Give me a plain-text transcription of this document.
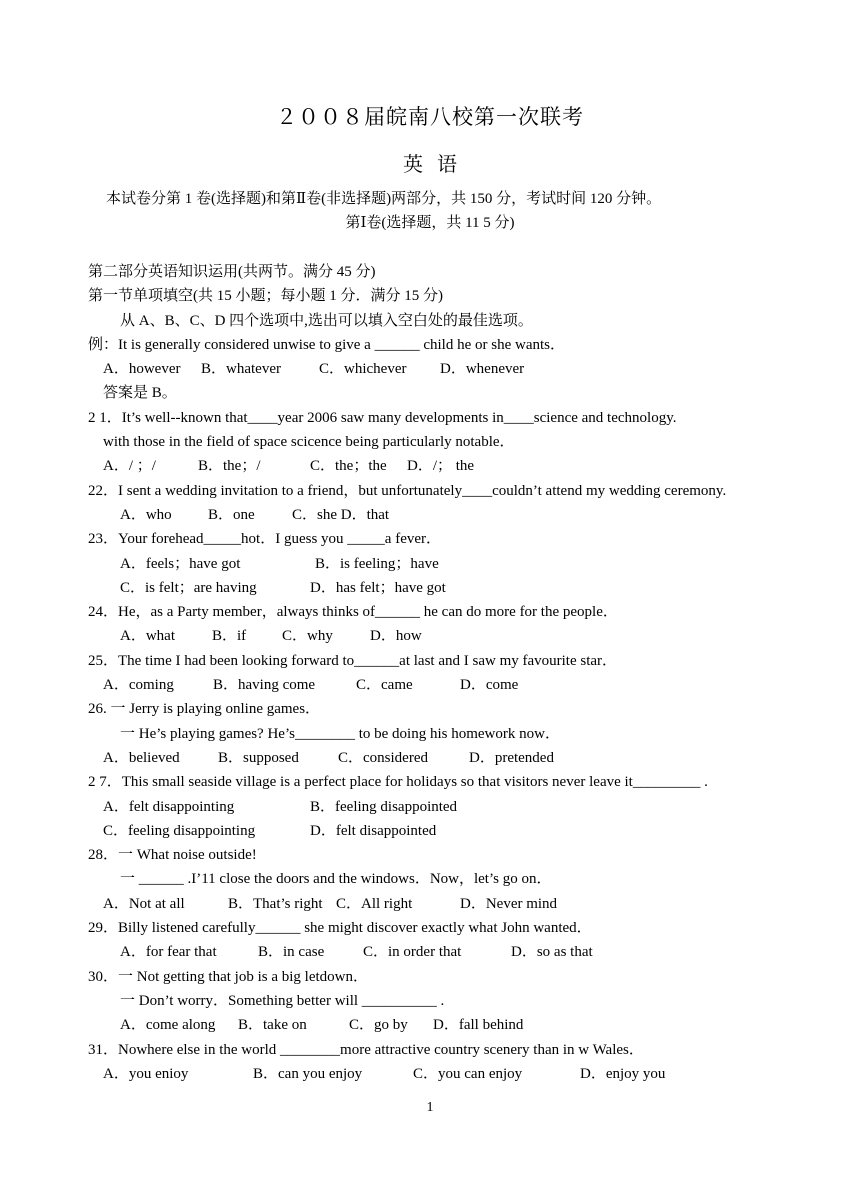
２００８届皖南八校第一次联考
英语
本试卷分第 1 卷(选择题)和第Ⅱ卷(非选择题)两部分，共 150 分，考试时间 120 分钟。
第Ⅰ卷(选择题，共 11 5 分)
第二部分英语知识运用(共两节。满分 45 分)
第一节单项填空(共 15 小题；每小题 1 分．满分 15 分)
从 A、B、C、D 四个选项中,选出可以填入空白处的最佳选项。
例：It is generally considered unwise to give a ______ child he or she wants．
A．however B．whatever	C．whichever D．whenever
答案是 B。
2 1．It’s well--known that____year 2006 saw many developments in____science and technology.
with those in the field of space scicence being particularly notable．
A．/ ；/	B．the；/	C．the；the D．/； the
22．I sent a wedding invitation to a friend，but unfortunately____couldn’t attend my wedding ceremony.
A．who B．one C．she D．that
23．Your forehead_____hot．I guess you _____a fever．
A．feels；have got	B．is feeling；have
C．is felt；are having	D．has felt；have got
24．He，as a Party member，always thinks of______ he can do more for the people．
A．what B．if C．why D．how
25．The time I had been looking forward to______at last and I saw my favourite star．
A．coming	B．having come	C．came	D．come
26. 一 Jerry is playing online games．
一 He’s playing games? He’s________ to be doing his homework now．
A．believed	B．supposed	C．considered	D．pretended
2 7．This small seaside village is a perfect place for holidays so that visitors never leave it_________ .
A．felt disappointing	B．feeling disappointed
C．feeling disappointing	D．felt disappointed
28．一 What noise outside!
一 ______ .I’11 close the doors and the windows．Now，let’s go on．
A．Not at all	B．That’s right C．All right	D．Never mind
29．Billy listened carefully______ she might discover exactly what John wanted．
A．for fear that	B．in case	C．in order that	D．so as that
30．一 Not getting that job is a big letdown．
一 Don’t worry．Something better will __________ .
A．come along B．take on	C．go by D．fall behind
31．Nowhere else in the world ________more attractive country scenery than in w Wales．
A．you enioy	B．can you enjoy	C．you can enjoy	D．enjoy you
1
